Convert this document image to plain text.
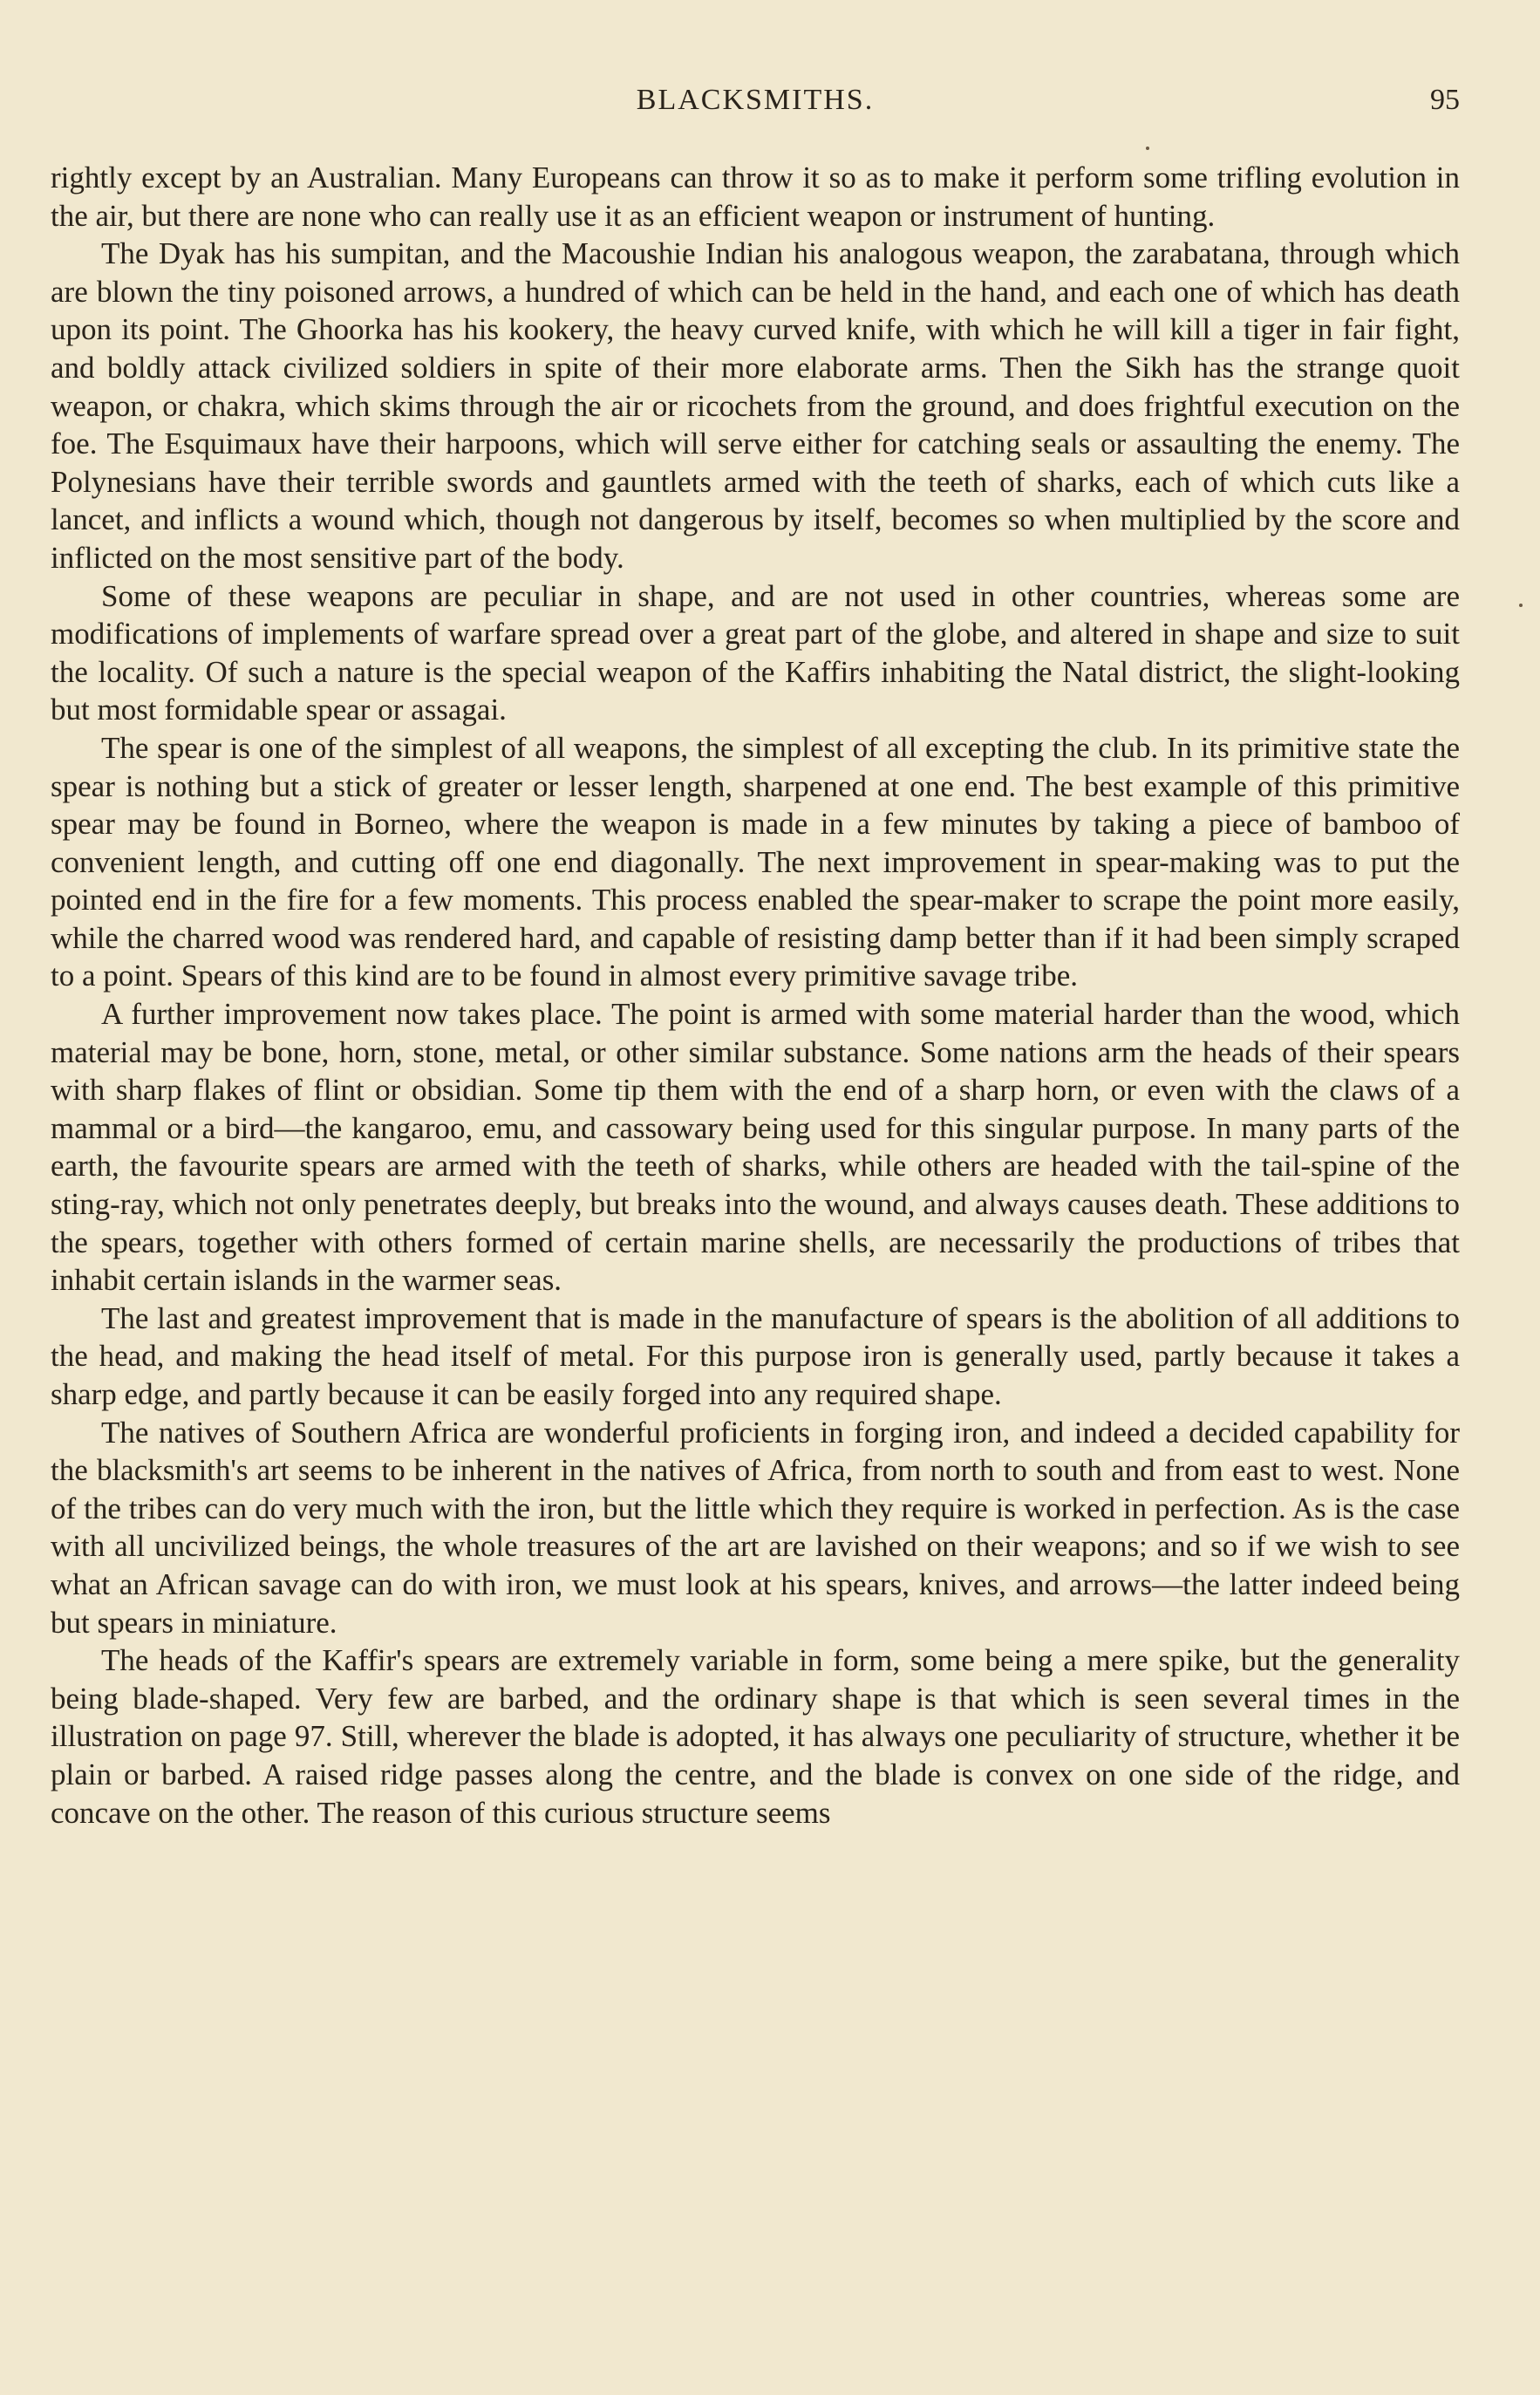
BLACKSMITHS.	95

rightly except by an Australian. Many Europeans can throw it so as to make it perform some trifling evolution in the air, but there are none who can really use it as an efficient weapon or instrument of hunting.

The Dyak has his sumpitan, and the Macoushie Indian his analogous weapon, the zarabatana, through which are blown the tiny poisoned arrows, a hundred of which can be held in the hand, and each one of which has death upon its point. The Ghoorka has his kookery, the heavy curved knife, with which he will kill a tiger in fair fight, and boldly attack civilized soldiers in spite of their more elaborate arms. Then the Sikh has the strange quoit weapon, or chakra, which skims through the air or ricochets from the ground, and does frightful execution on the foe. The Esquimaux have their harpoons, which will serve either for catching seals or assaulting the enemy. The Polynesians have their terrible swords and gauntlets armed with the teeth of sharks, each of which cuts like a lancet, and inflicts a wound which, though not dangerous by itself, becomes so when multiplied by the score and inflicted on the most sensitive part of the body.

Some of these weapons are peculiar in shape, and are not used in other countries, whereas some are modifications of implements of warfare spread over a great part of the globe, and altered in shape and size to suit the locality. Of such a nature is the special weapon of the Kaffirs inhabiting the Natal district, the slight-looking but most formidable spear or assagai.

The spear is one of the simplest of all weapons, the simplest of all excepting the club. In its primitive state the spear is nothing but a stick of greater or lesser length, sharpened at one end. The best example of this primitive spear may be found in Borneo, where the weapon is made in a few minutes by taking a piece of bamboo of convenient length, and cutting off one end diagonally. The next improvement in spear-making was to put the pointed end in the fire for a few moments. This process enabled the spear-maker to scrape the point more easily, while the charred wood was rendered hard, and capable of resisting damp better than if it had been simply scraped to a point. Spears of this kind are to be found in almost every primitive savage tribe.

A further improvement now takes place. The point is armed with some material harder than the wood, which material may be bone, horn, stone, metal, or other similar substance. Some nations arm the heads of their spears with sharp flakes of flint or obsidian. Some tip them with the end of a sharp horn, or even with the claws of a mammal or a bird—the kangaroo, emu, and cassowary being used for this singular purpose. In many parts of the earth, the favourite spears are armed with the teeth of sharks, while others are headed with the tail-spine of the sting-ray, which not only penetrates deeply, but breaks into the wound, and always causes death. These additions to the spears, together with others formed of certain marine shells, are necessarily the productions of tribes that inhabit certain islands in the warmer seas.

The last and greatest improvement that is made in the manufacture of spears is the abolition of all additions to the head, and making the head itself of metal. For this purpose iron is generally used, partly because it takes a sharp edge, and partly because it can be easily forged into any required shape.

The natives of Southern Africa are wonderful proficients in forging iron, and indeed a decided capability for the blacksmith's art seems to be inherent in the natives of Africa, from north to south and from east to west. None of the tribes can do very much with the iron, but the little which they require is worked in perfection. As is the case with all uncivilized beings, the whole treasures of the art are lavished on their weapons; and so if we wish to see what an African savage can do with iron, we must look at his spears, knives, and arrows—the latter indeed being but spears in miniature.

The heads of the Kaffir's spears are extremely variable in form, some being a mere spike, but the generality being blade-shaped. Very few are barbed, and the ordinary shape is that which is seen several times in the illustration on page 97. Still, wherever the blade is adopted, it has always one peculiarity of structure, whether it be plain or barbed. A raised ridge passes along the centre, and the blade is convex on one side of the ridge, and concave on the other. The reason of this curious structure seems
